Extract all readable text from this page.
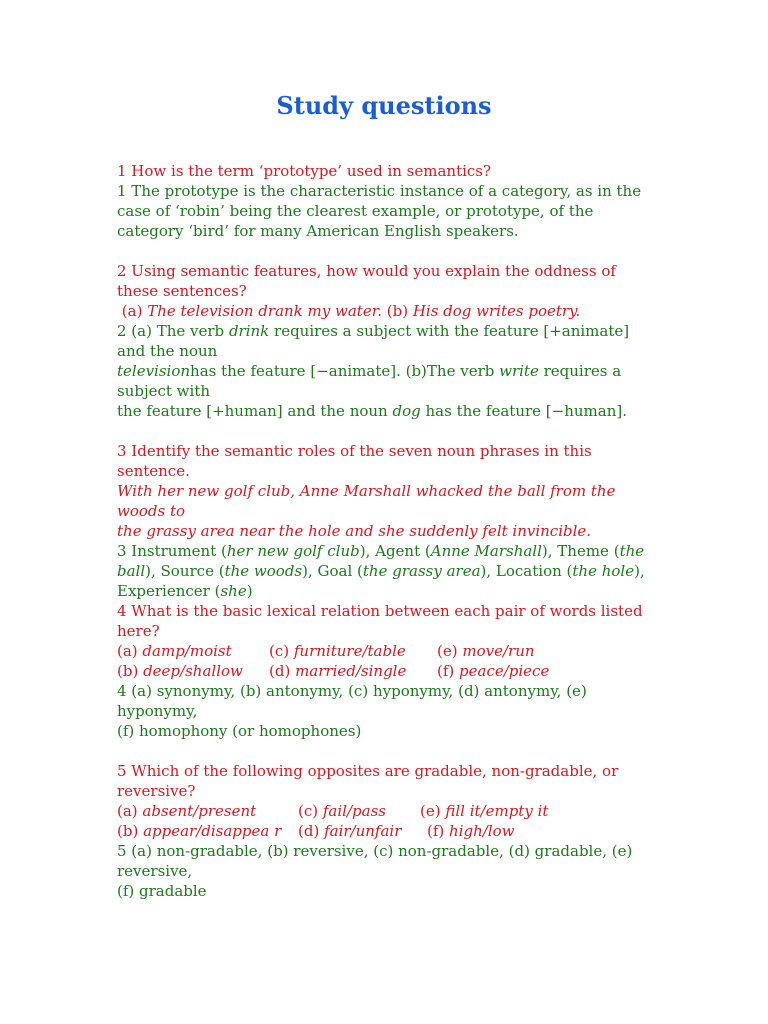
Study questions
1 How is the term ‘prototype’ used in semantics?
1 The prototype is the characteristic instance of a category, as in the
case of ‘robin’ being the clearest example, or prototype, of the
category ‘bird’ for many American English speakers.
2 Using semantic features, how would you explain the oddness of
these sentences?
(a) The television drank my water. (b) His dog writes poetry.
2 (a) The verb drink requires a subject with the feature [+animate]
and the noun
televisionhas the feature [−animate]. (b)The verb write requires a
subject with
the feature [+human] and the noun dog has the feature [−human].
3 Identify the semantic roles of the seven noun phrases in this
sentence.
With her new golf club, Anne Marshall whacked the ball from the
woods to
the grassy area near the hole and she suddenly felt invincible.
3 Instrument (her new golf club), Agent (Anne Marshall), Theme (the
ball), Source (the woods), Goal (the grassy area), Location (the hole),
Experiencer (she)
4 What is the basic lexical relation between each pair of words listed
here?
(a) damp/moist (c) furniture/table (e) move/run
(b) deep/shallow (d) married/single (f) peace/piece
4 (a) synonymy, (b) antonymy, (c) hyponymy, (d) antonymy, (e)
hyponymy,
(f) homophony (or homophones)
5 Which of the following opposites are gradable, non-gradable, or
reversive?
(a) absent/present	(c) fail/pass (e) fill it/empty it
(b) appear/disappea r (d) fair/unfair (f) high/low
5 (a) non-gradable, (b) reversive, (c) non-gradable, (d) gradable, (e)
reversive,
(f) gradable
